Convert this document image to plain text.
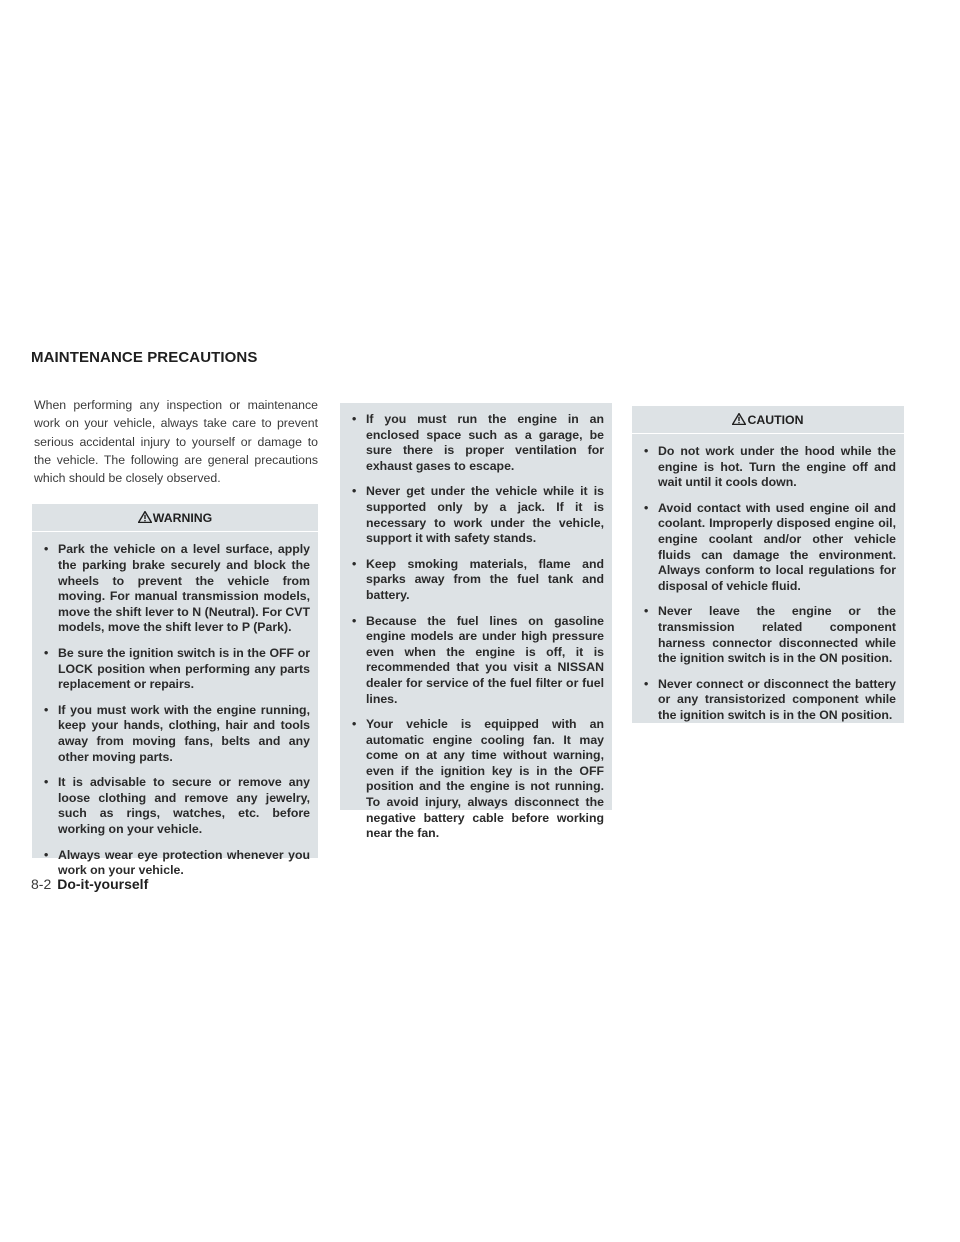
MAINTENANCE PRECAUTIONS

When performing any inspection or maintenance work on your vehicle, always take care to prevent serious accidental injury to yourself or damage to the vehicle. The following are general precautions which should be closely observed.

WARNING
• Park the vehicle on a level surface, apply the parking brake securely and block the wheels to prevent the vehicle from moving. For manual transmission models, move the shift lever to N (Neutral). For CVT models, move the shift lever to P (Park).
• Be sure the ignition switch is in the OFF or LOCK position when performing any parts replacement or repairs.
• If you must work with the engine running, keep your hands, clothing, hair and tools away from moving fans, belts and any other moving parts.
• It is advisable to secure or remove any loose clothing and remove any jewelry, such as rings, watches, etc. before working on your vehicle.
• Always wear eye protection whenever you work on your vehicle.
• If you must run the engine in an enclosed space such as a garage, be sure there is proper ventilation for exhaust gases to escape.
• Never get under the vehicle while it is supported only by a jack. If it is necessary to work under the vehicle, support it with safety stands.
• Keep smoking materials, flame and sparks away from the fuel tank and battery.
• Because the fuel lines on gasoline engine models are under high pressure even when the engine is off, it is recommended that you visit a NISSAN dealer for service of the fuel filter or fuel lines.
• Your vehicle is equipped with an automatic engine cooling fan. It may come on at any time without warning, even if the ignition key is in the OFF position and the engine is not running. To avoid injury, always disconnect the negative battery cable before working near the fan.
CAUTION
• Do not work under the hood while the engine is hot. Turn the engine off and wait until it cools down.
• Avoid contact with used engine oil and coolant. Improperly disposed engine oil, engine coolant and/or other vehicle fluids can damage the environment. Always conform to local regulations for disposal of vehicle fluid.
• Never leave the engine or the transmission related component harness connector disconnected while the ignition switch is in the ON position.
• Never connect or disconnect the battery or any transistorized component while the ignition switch is in the ON position.
8-2 Do-it-yourself
